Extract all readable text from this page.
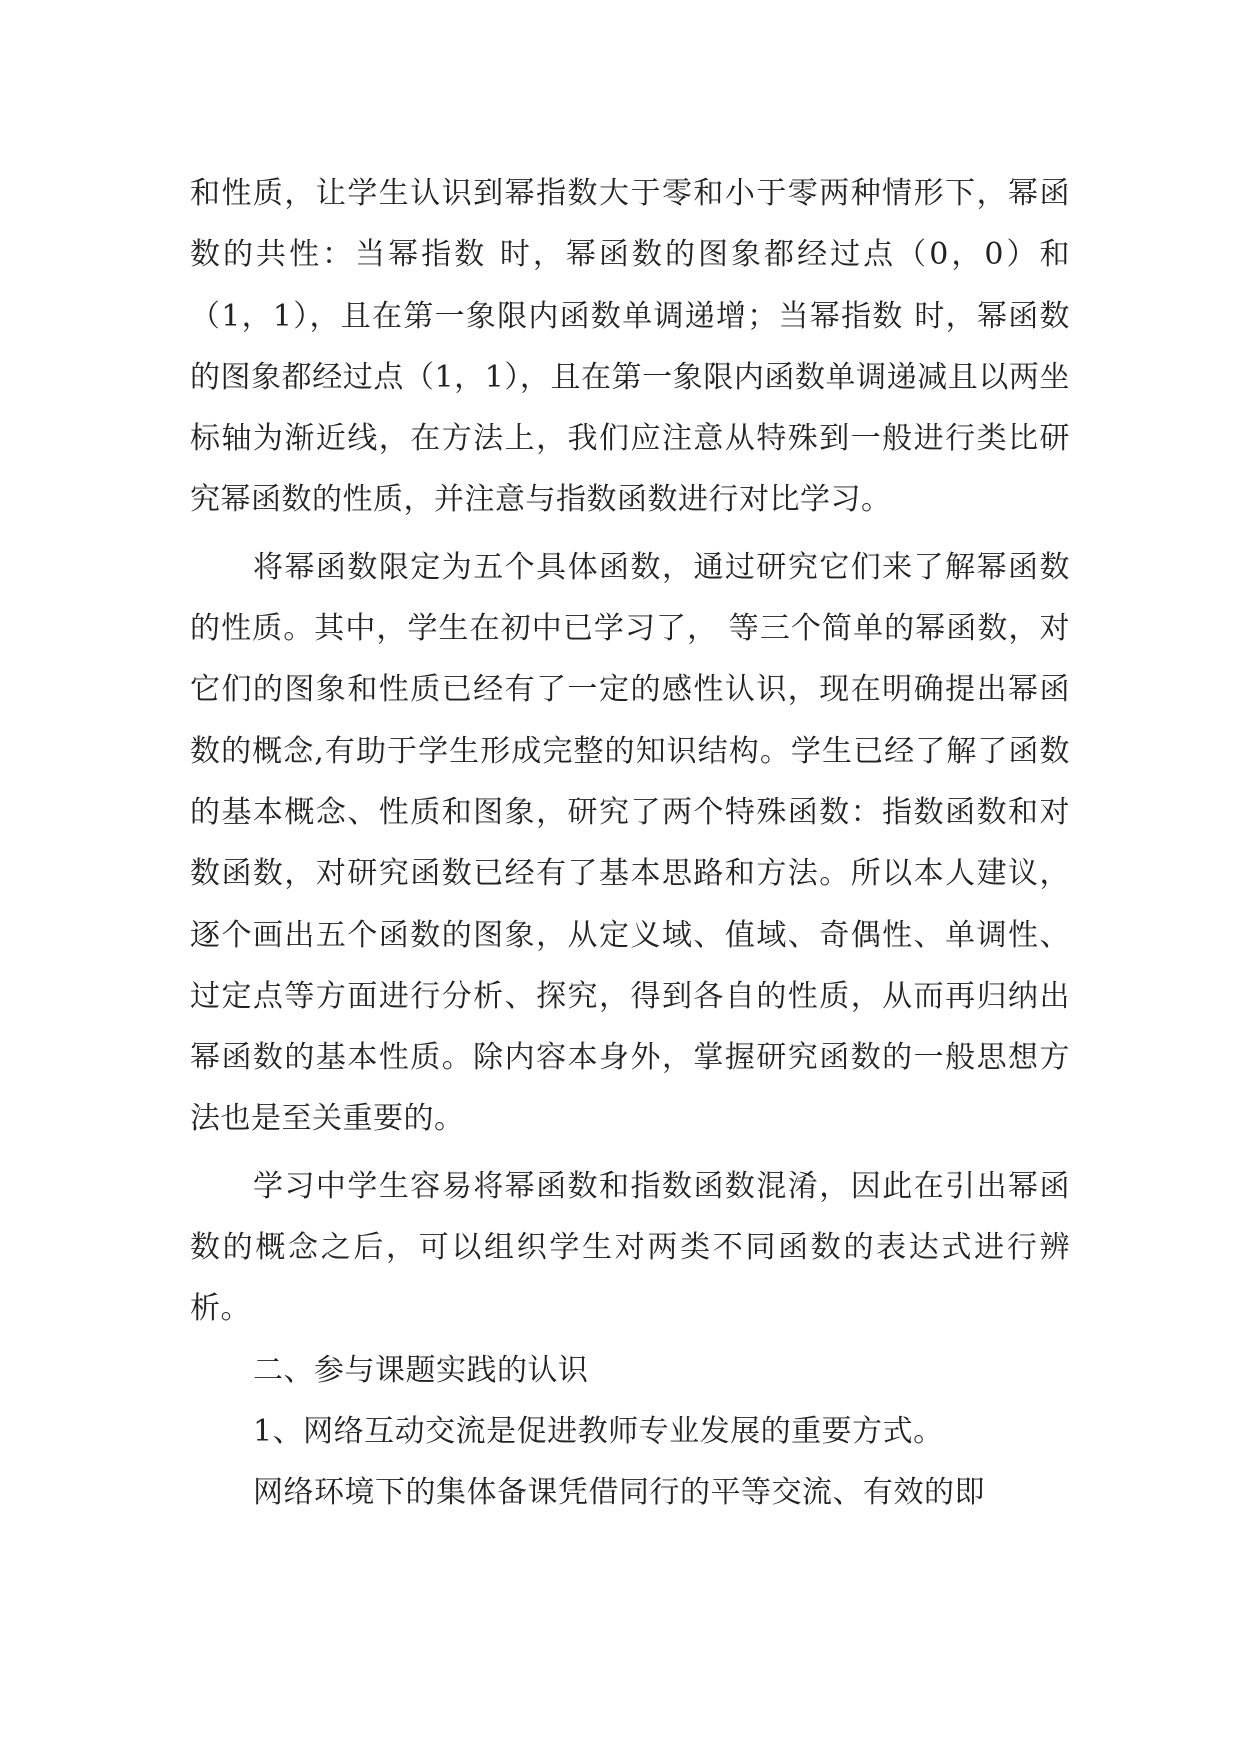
和性质，让学生认识到幂指数大于零和小于零两种情形下，幂函数的共性：当幂指数 时，幂函数的图象都经过点（0，0）和（1，1），且在第一象限内函数单调递增；当幂指数 时，幂函数的图象都经过点（1，1），且在第一象限内函数单调递减且以两坐标轴为渐近线，在方法上，我们应注意从特殊到一般进行类比研究幂函数的性质，并注意与指数函数进行对比学习。

将幂函数限定为五个具体函数，通过研究它们来了解幂函数的性质。其中，学生在初中已学习了， 等三个简单的幂函数，对它们的图象和性质已经有了一定的感性认识，现在明确提出幂函数的概念,有助于学生形成完整的知识结构。学生已经了解了函数的基本概念、性质和图象，研究了两个特殊函数：指数函数和对数函数，对研究函数已经有了基本思路和方法。所以本人建议，逐个画出五个函数的图象，从定义域、值域、奇偶性、单调性、过定点等方面进行分析、探究，得到各自的性质，从而再归纳出幂函数的基本性质。除内容本身外，掌握研究函数的一般思想方法也是至关重要的。

学习中学生容易将幂函数和指数函数混淆，因此在引出幂函数的概念之后，可以组织学生对两类不同函数的表达式进行辨析。

二、参与课题实践的认识

1、网络互动交流是促进教师专业发展的重要方式。

网络环境下的集体备课凭借同行的平等交流、有效的即
